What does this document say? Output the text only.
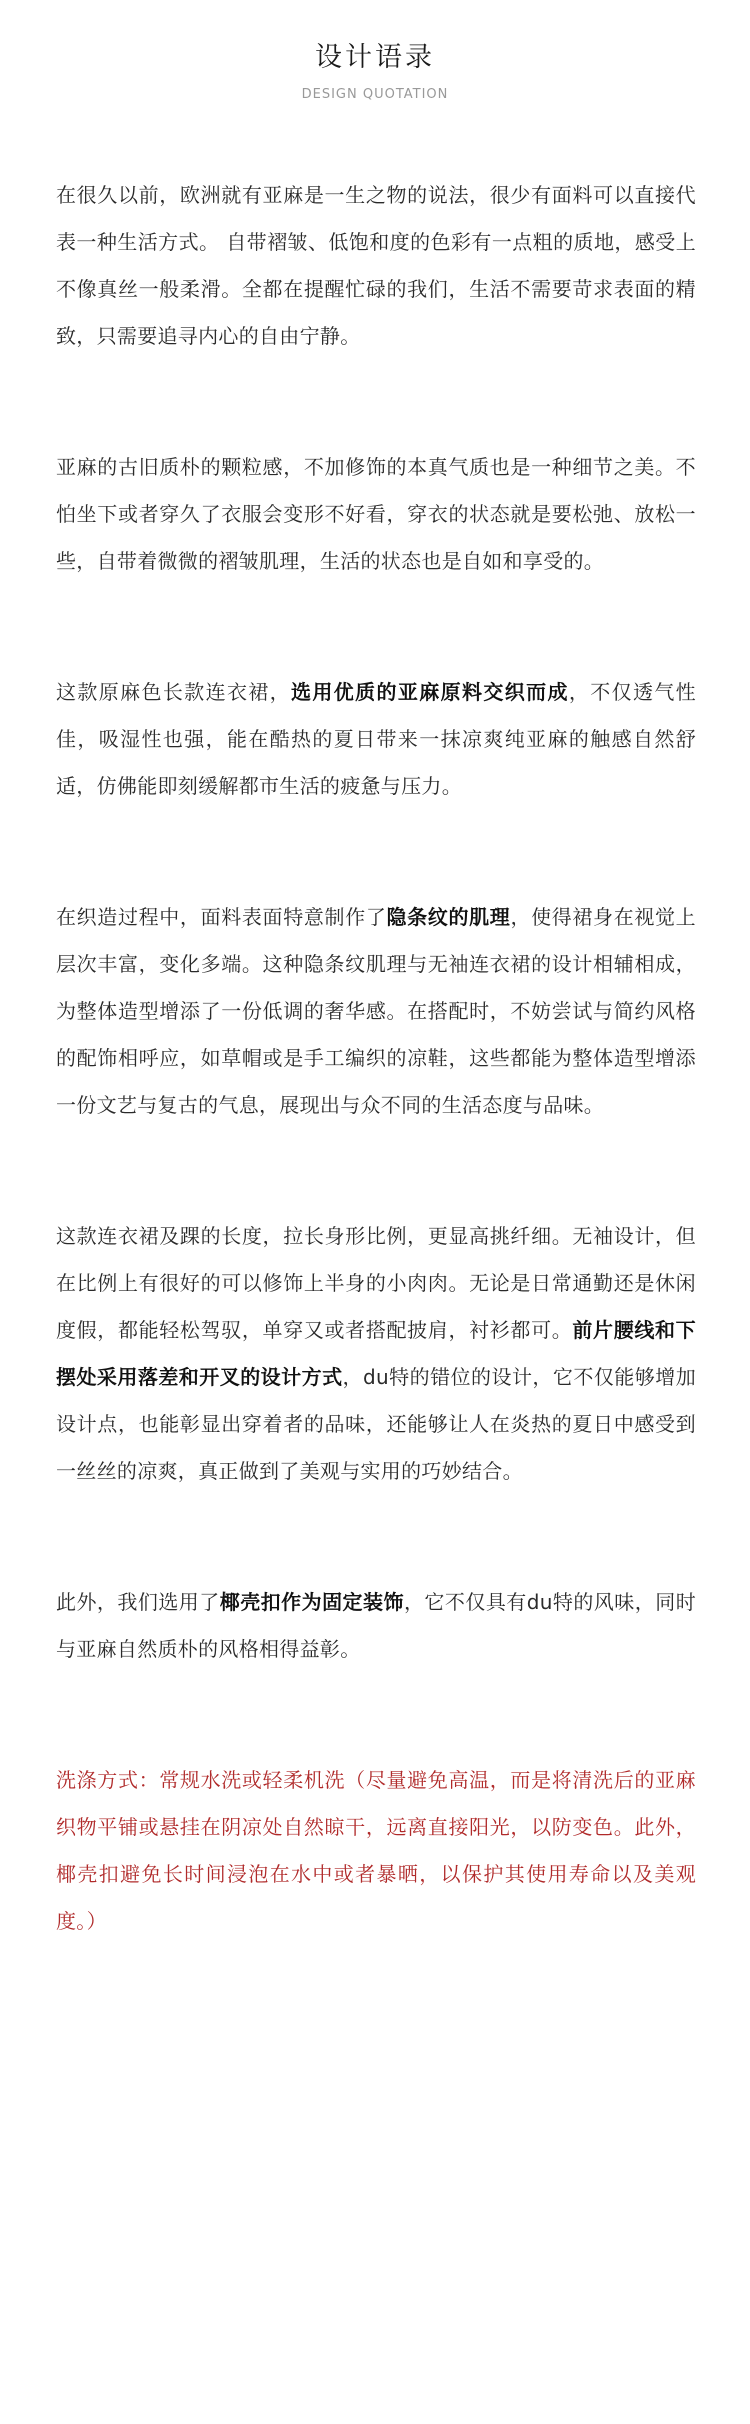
设计语录
DESIGN QUOTATION

在很久以前，欧洲就有亚麻是一生之物的说法，很少有面料可以直接代表一种生活方式。 自带褶皱、低饱和度的色彩有一点粗的质地，感受上不像真丝一般柔滑。全都在提醒忙碌的我们，生活不需要苛求表面的精致，只需要追寻内心的自由宁静。

亚麻的古旧质朴的颗粒感，不加修饰的本真气质也是一种细节之美。不怕坐下或者穿久了衣服会变形不好看，穿衣的状态就是要松弛、放松一些，自带着微微的褶皱肌理，生活的状态也是自如和享受的。

这款原麻色长款连衣裙，选用优质的亚麻原料交织而成，不仅透气性佳，吸湿性也强，能在酷热的夏日带来一抹凉爽纯亚麻的触感自然舒适，仿佛能即刻缓解都市生活的疲惫与压力。

在织造过程中，面料表面特意制作了隐条纹的肌理，使得裙身在视觉上层次丰富，变化多端。这种隐条纹肌理与无袖连衣裙的设计相辅相成，为整体造型增添了一份低调的奢华感。在搭配时，不妨尝试与简约风格的配饰相呼应，如草帽或是手工编织的凉鞋，这些都能为整体造型增添一份文艺与复古的气息，展现出与众不同的生活态度与品味。

这款连衣裙及踝的长度，拉长身形比例，更显高挑纤细。无袖设计，但在比例上有很好的可以修饰上半身的小肉肉。无论是日常通勤还是休闲度假，都能轻松驾驭，单穿又或者搭配披肩，衬衫都可。前片腰线和下摆处采用落差和开叉的设计方式，du特的错位的设计，它不仅能够增加设计点，也能彰显出穿着者的品味，还能够让人在炎热的夏日中感受到一丝丝的凉爽，真正做到了美观与实用的巧妙结合。

此外，我们选用了椰壳扣作为固定装饰，它不仅具有du特的风味，同时与亚麻自然质朴的风格相得益彰。

洗涤方式：常规水洗或轻柔机洗（尽量避免高温，而是将清洗后的亚麻织物平铺或悬挂在阴凉处自然晾干，远离直接阳光，以防变色。此外，椰壳扣避免长时间浸泡在水中或者暴晒，以保护其使用寿命以及美观度。）
